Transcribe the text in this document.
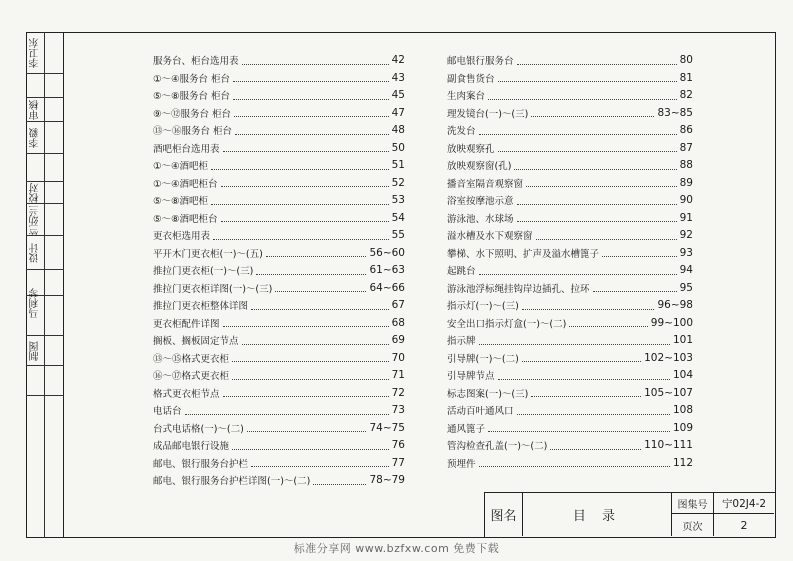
李卫东
审核
李毅
校对
竺幼兰
设计
马利琴
制图
服务台、柜台选用表	42
①～④服务台 柜台	43
⑤～⑧服务台 柜台	45
⑨～⑫服务台 柜台	47
⑬～⑯服务台 柜台	48
酒吧柜台选用表	50
①～④酒吧柜	51
①～④酒吧柜台	52
⑤～⑧酒吧柜	53
⑤～⑧酒吧柜台	54
更衣柜选用表	55
平开木门更衣柜(一)～(五)	56~60
推拉门更衣柜(一)～(三)	61~63
推拉门更衣柜详图(一)～(三)	64~66
推拉门更衣柜整体详图	67
更衣柜配件详图	68
搁板、搁板固定节点	69
⑬～⑮格式更衣柜	70
⑯～⑰格式更衣柜	71
格式更衣柜节点	72
电话台	73
台式电话格(一)～(二)	74~75
成品邮电银行设施	76
邮电、银行服务台护栏	77
邮电、银行服务台护栏详图(一)～(二)	78~79
邮电银行服务台	80
副食售货台	81
生肉案台	82
理发镜台(一)～(三)	83~85
洗发台	86
放映观察孔	87
放映观察窗(孔)	88
播音室隔音观察窗	89
浴室按摩池示意	90
游泳池、水球场	91
溢水槽及水下观察窗	92
攀梯、水下照明、扩声及溢水槽篦子	93
起跳台	94
游泳池浮标绳挂钩岸边插孔、拉环	95
指示灯(一)～(三)	96~98
安全出口指示灯盒(一)～(二)	99~100
指示牌	101
引导牌(一)～(二)	102~103
引导牌节点	104
标志图案(一)～(三)	105~107
活动百叶通风口	108
通风篦子	109
管沟检查孔盖(一)～(二)	110~111
预埋件	112
图名	目 录
图集号	宁02J4-2
页次	2
标准分享网 www.bzfxw.com 免费下载
